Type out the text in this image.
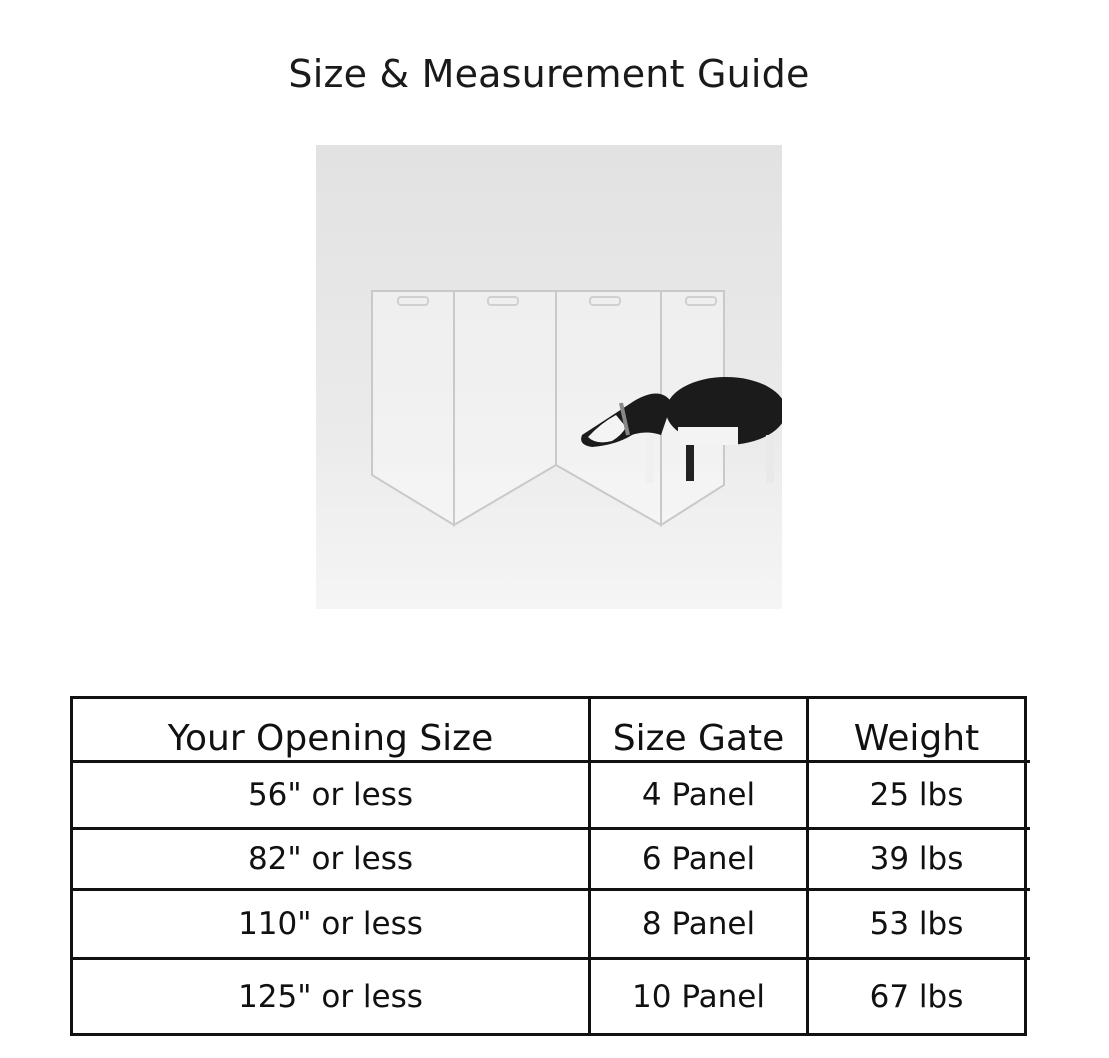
Size & Measurement Guide
Your Opening Size	Size Gate	Weight
56" or less	4 Panel	25 lbs
82" or less	6 Panel	39 lbs
110" or less	8 Panel	53 lbs
125" or less	10 Panel	67 lbs
